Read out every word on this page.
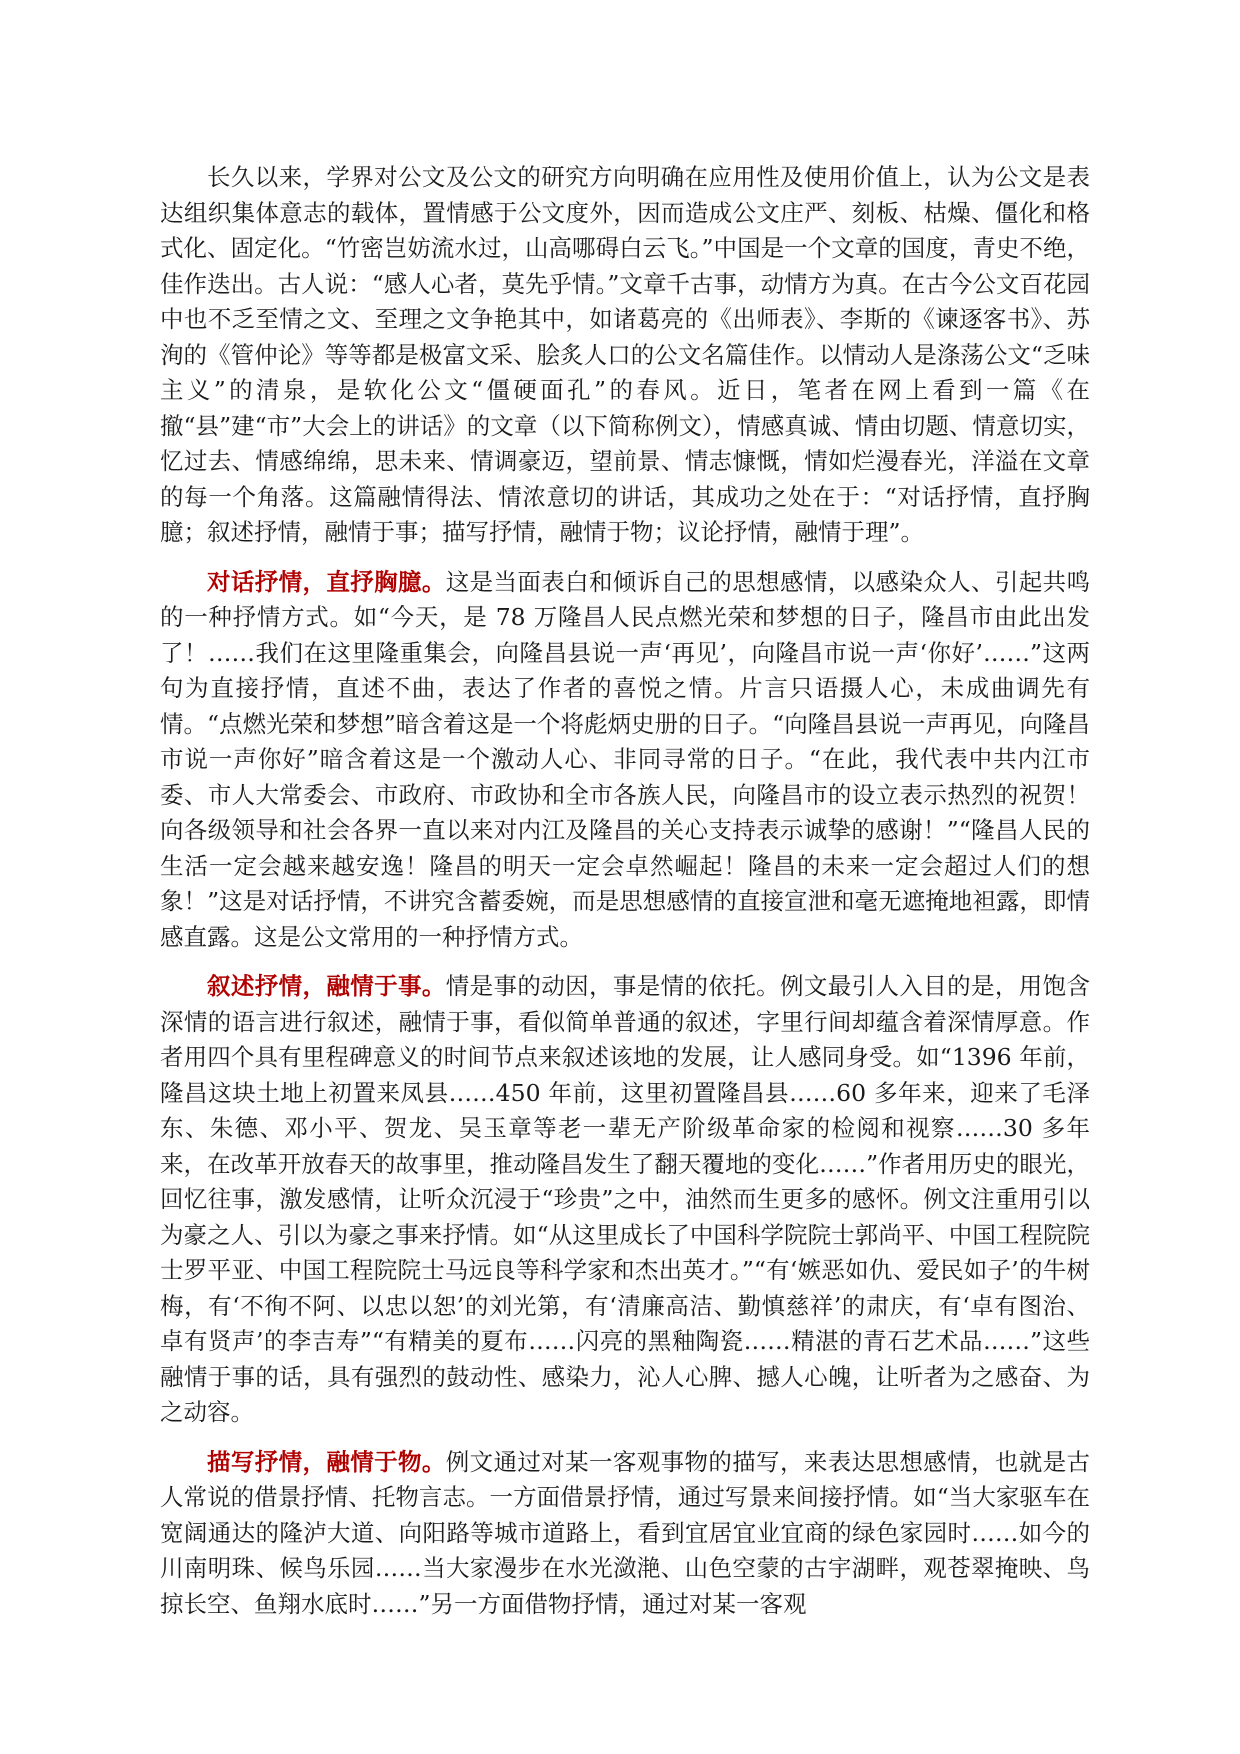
长久以来，学界对公文及公文的研究方向明确在应用性及使用价值上，认为公文是表达组织集体意志的载体，置情感于公文度外，因而造成公文庄严、刻板、枯燥、僵化和格式化、固定化。“竹密岂妨流水过，山高哪碍白云飞。”中国是一个文章的国度，青史不绝，佳作迭出。古人说：“感人心者，莫先乎情。”文章千古事，动情方为真。在古今公文百花园中也不乏至情之文、至理之文争艳其中，如诸葛亮的《出师表》、李斯的《谏逐客书》、苏洵的《管仲论》等等都是极富文采、脍炙人口的公文名篇佳作。以情动人是涤荡公文“乏味主义”的清泉，是软化公文“僵硬面孔”的春风。近日，笔者在网上看到一篇《在撤“县”建“市”大会上的讲话》的文章（以下简称例文），情感真诚、情由切题、情意切实，忆过去、情感绵绵，思未来、情调豪迈，望前景、情志慷慨，情如烂漫春光，洋溢在文章的每一个角落。这篇融情得法、情浓意切的讲话，其成功之处在于：“对话抒情，直抒胸臆；叙述抒情，融情于事；描写抒情，融情于物；议论抒情，融情于理”。

对话抒情，直抒胸臆。这是当面表白和倾诉自己的思想感情，以感染众人、引起共鸣的一种抒情方式。如“今天，是 78 万隆昌人民点燃光荣和梦想的日子，隆昌市由此出发了！……我们在这里隆重集会，向隆昌县说一声‘再见’，向隆昌市说一声‘你好’……”这两句为直接抒情，直述不曲，表达了作者的喜悦之情。片言只语摄人心，未成曲调先有情。“点燃光荣和梦想”暗含着这是一个将彪炳史册的日子。“向隆昌县说一声再见，向隆昌市说一声你好”暗含着这是一个激动人心、非同寻常的日子。“在此，我代表中共内江市委、市人大常委会、市政府、市政协和全市各族人民，向隆昌市的设立表示热烈的祝贺！向各级领导和社会各界一直以来对内江及隆昌的关心支持表示诚挚的感谢！”“隆昌人民的生活一定会越来越安逸！隆昌的明天一定会卓然崛起！隆昌的未来一定会超过人们的想象！”这是对话抒情，不讲究含蓄委婉，而是思想感情的直接宣泄和毫无遮掩地袒露，即情感直露。这是公文常用的一种抒情方式。

叙述抒情，融情于事。情是事的动因，事是情的依托。例文最引人入目的是，用饱含深情的语言进行叙述，融情于事，看似简单普通的叙述，字里行间却蕴含着深情厚意。作者用四个具有里程碑意义的时间节点来叙述该地的发展，让人感同身受。如“1396 年前，隆昌这块土地上初置来凤县……450 年前，这里初置隆昌县……60 多年来，迎来了毛泽东、朱德、邓小平、贺龙、吴玉章等老一辈无产阶级革命家的检阅和视察……30 多年来，在改革开放春天的故事里，推动隆昌发生了翻天覆地的变化……”作者用历史的眼光，回忆往事，激发感情，让听众沉浸于“珍贵”之中，油然而生更多的感怀。例文注重用引以为豪之人、引以为豪之事来抒情。如“从这里成长了中国科学院院士郭尚平、中国工程院院士罗平亚、中国工程院院士马远良等科学家和杰出英才。”“有‘嫉恶如仇、爱民如子’的牛树梅，有‘不徇不阿、以忠以恕’的刘光第，有‘清廉高洁、勤慎慈祥’的肃庆，有‘卓有图治、卓有贤声’的李吉寿”“有精美的夏布……闪亮的黑釉陶瓷……精湛的青石艺术品……”这些融情于事的话，具有强烈的鼓动性、感染力，沁人心脾、撼人心魄，让听者为之感奋、为之动容。

描写抒情，融情于物。例文通过对某一客观事物的描写，来表达思想感情，也就是古人常说的借景抒情、托物言志。一方面借景抒情，通过写景来间接抒情。如“当大家驱车在宽阔通达的隆泸大道、向阳路等城市道路上，看到宜居宜业宜商的绿色家园时……如今的川南明珠、候鸟乐园……当大家漫步在水光潋滟、山色空蒙的古宇湖畔，观苍翠掩映、鸟掠长空、鱼翔水底时……”另一方面借物抒情，通过对某一客观
